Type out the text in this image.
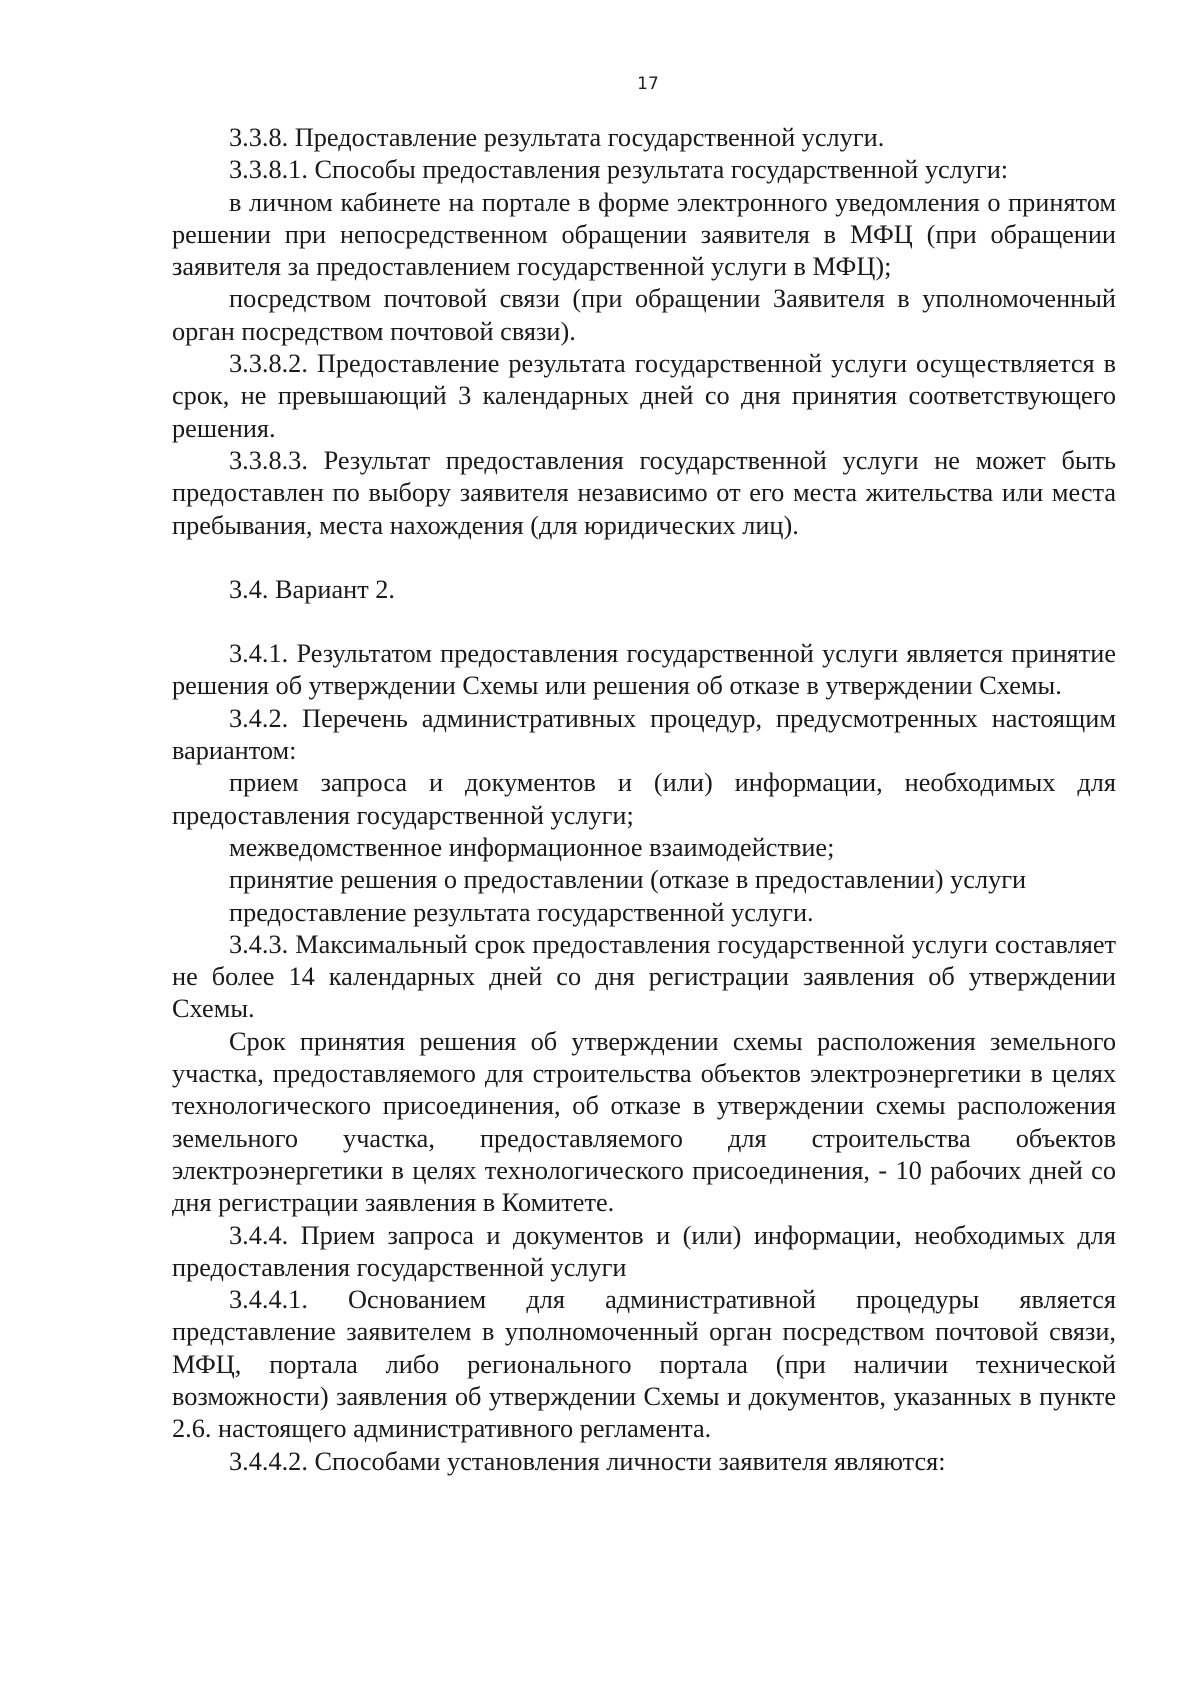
17

3.3.8. Предоставление результата государственной услуги.

3.3.8.1. Способы предоставления результата государственной услуги:

в личном кабинете на портале в форме электронного уведомления о принятом решении при непосредственном обращении заявителя в МФЦ (при обращении заявителя за предоставлением государственной услуги в МФЦ);

посредством почтовой связи (при обращении Заявителя в уполномоченный орган посредством почтовой связи).

3.3.8.2. Предоставление результата государственной услуги осуществляется в срок, не превышающий 3 календарных дней со дня принятия соответствующего решения.

3.3.8.3. Результат предоставления государственной услуги не может быть предоставлен по выбору заявителя независимо от его места жительства или места пребывания, места нахождения (для юридических лиц).

3.4. Вариант 2.

3.4.1. Результатом предоставления государственной услуги является принятие решения об утверждении Схемы или решения об отказе в утверждении Схемы.

3.4.2. Перечень административных процедур, предусмотренных настоящим вариантом:

прием запроса и документов и (или) информации, необходимых для предоставления государственной услуги;

межведомственное информационное взаимодействие;

принятие решения о предоставлении (отказе в предоставлении) услуги

предоставление результата государственной услуги.

3.4.3. Максимальный срок предоставления государственной услуги составляет не более 14 календарных дней со дня регистрации заявления об утверждении Схемы.

Срок принятия решения об утверждении схемы расположения земельного участка, предоставляемого для строительства объектов электроэнергетики в целях технологического присоединения, об отказе в утверждении схемы расположения земельного участка, предоставляемого для строительства объектов электроэнергетики в целях технологического присоединения, - 10 рабочих дней со дня регистрации заявления в Комитете.

3.4.4. Прием запроса и документов и (или) информации, необходимых для предоставления государственной услуги

3.4.4.1. Основанием для административной процедуры является представление заявителем в уполномоченный орган посредством почтовой связи, МФЦ, портала либо регионального портала (при наличии технической возможности) заявления об утверждении Схемы и документов, указанных в пункте 2.6. настоящего административного регламента.

3.4.4.2. Способами установления личности заявителя являются:
